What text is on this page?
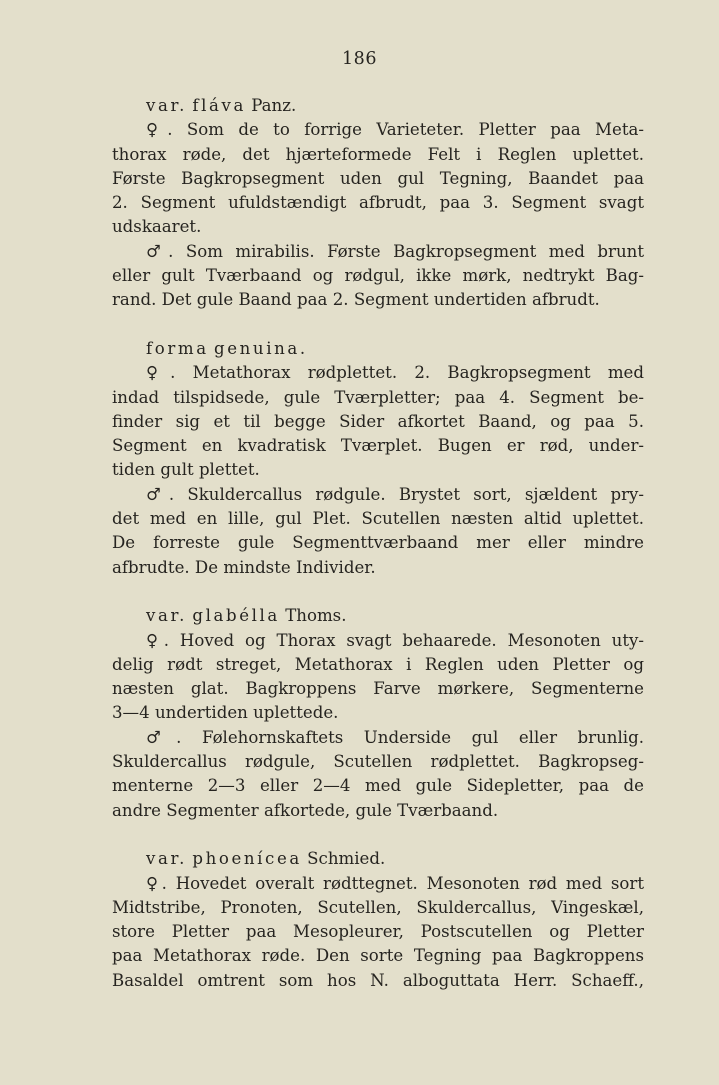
186
var. fláva Panz.
♀. Som de to forrige Varieteter. Pletter paa Meta-
thorax røde, det hjærteformede Felt i Reglen uplettet.
Første Bagkropsegment uden gul Tegning, Baandet paa
2. Segment ufuldstændigt afbrudt, paa 3. Segment svagt
udskaaret.
♂. Som mirabilis. Første Bagkropsegment med brunt
eller gult Tværbaand og rødgul, ikke mørk, nedtrykt Bag-
rand. Det gule Baand paa 2. Segment undertiden afbrudt.
forma genuina.
♀. Metathorax rødplettet. 2. Bagkropsegment med
indad tilspidsede, gule Tværpletter; paa 4. Segment be-
finder sig et til begge Sider afkortet Baand, og paa 5.
Segment en kvadratisk Tværplet. Bugen er rød, under-
tiden gult plettet.
♂. Skuldercallus rødgule. Brystet sort, sjældent pry-
det med en lille, gul Plet. Scutellen næsten altid uplettet.
De forreste gule Segmenttværbaand mer eller mindre
afbrudte. De mindste Individer.
var. glabélla Thoms.
♀. Hoved og Thorax svagt behaarede. Mesonoten uty-
delig rødt streget, Metathorax i Reglen uden Pletter og
næsten glat. Bagkroppens Farve mørkere, Segmenterne
3—4 undertiden uplettede.
♂. Følehornskaftets Underside gul eller brunlig.
Skuldercallus rødgule, Scutellen rødplettet. Bagkropseg-
menterne 2—3 eller 2—4 med gule Sidepletter, paa de
andre Segmenter afkortede, gule Tværbaand.
var. phoenícea Schmied.
♀. Hovedet overalt rødttegnet. Mesonoten rød med sort
Midtstribe, Pronoten, Scutellen, Skuldercallus, Vingeskæl,
store Pletter paa Mesopleurer, Postscutellen og Pletter
paa Metathorax røde. Den sorte Tegning paa Bagkroppens
Basaldel omtrent som hos N. alboguttata Herr. Schaeff.,
